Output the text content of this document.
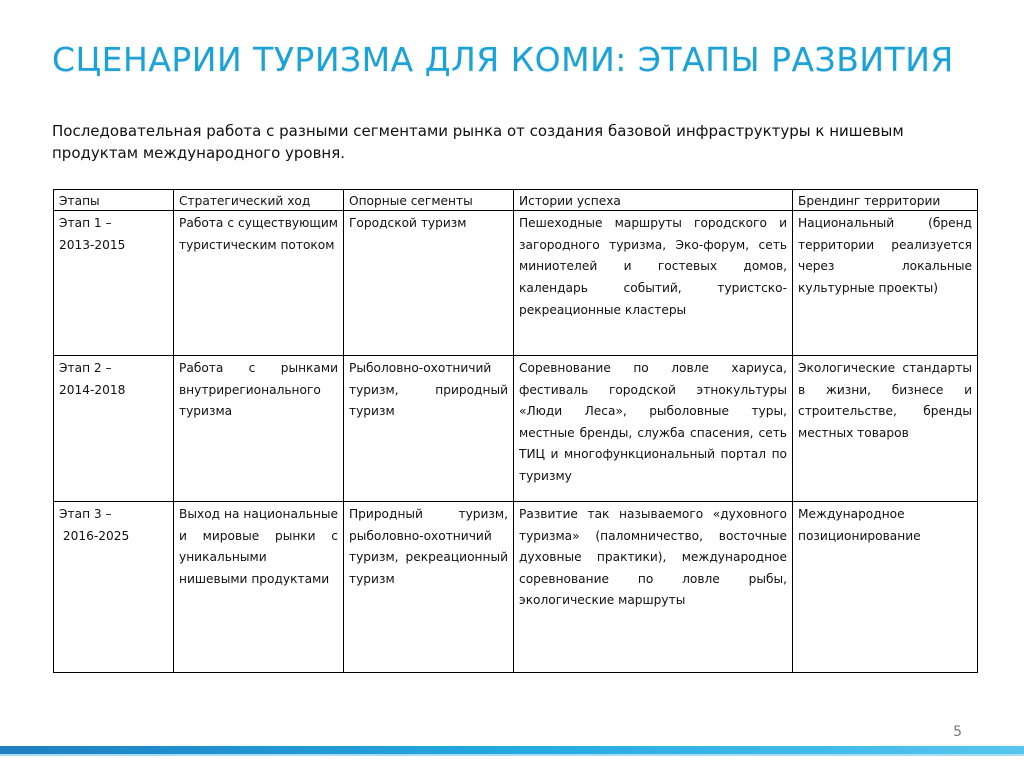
СЦЕНАРИИ ТУРИЗМА ДЛЯ КОМИ: ЭТАПЫ РАЗВИТИЯ
Последовательная работа с разными сегментами рынка от создания базовой инфраструктуры к нишевым продуктам международного уровня.
Этапы	Стратегический ход	Опорные сегменты	Истории успеха	Брендинг территории

Этап 1 –
2013-2015	Работа с существующим туристическим потоком	Городской туризм	Пешеходные маршруты городского и загородного туризма, Эко-форум, сеть миниотелей и гостевых домов, календарь событий, туристско-рекреационные кластеры	Национальный (бренд территории реализуется через локальные культурные проекты)

Этап 2 –
2014-2018	Работа с рынками внутрирегионального туризма	Рыболовно-охотничий туризм, природный туризм	Соревнование по ловле хариуса, фестиваль городской этнокультуры «Люди Леса», рыболовные туры, местные бренды, служба спасения, сеть ТИЦ и многофункциональный портал по туризму	Экологические стандарты в жизни, бизнесе и строительстве, бренды местных товаров

Этап 3 –
2016-2025	Выход на национальные и мировые рынки с уникальными нишевыми продуктами	Природный туризм, рыболовно-охотничий туризм, рекреационный туризм	Развитие так называемого «духовного туризма» (паломничество, восточные духовные практики), международное соревнование по ловле рыбы, экологические маршруты	Международное позиционирование
5
